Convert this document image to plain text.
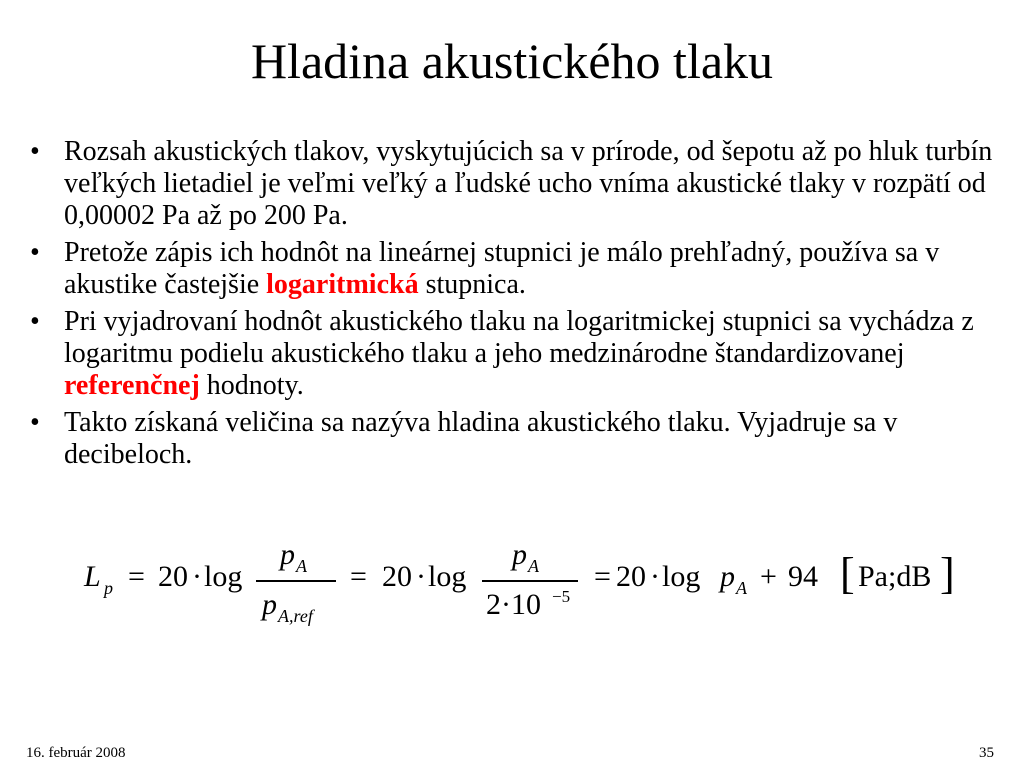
Hladina akustického tlaku
• Rozsah akustických tlakov, vyskytujúcich sa v prírode, od šepotu až po hluk turbín veľkých lietadiel je veľmi veľký a ľudské ucho vníma akustické tlaky v rozpätí od 0,00002 Pa až po 200 Pa.
• Pretože zápis ich hodnôt na lineárnej stupnici je málo prehľadný, používa sa v akustike častejšie logaritmická stupnica.
• Pri vyjadrovaní hodnôt akustického tlaku na logaritmickej stupnici sa vychádza z logaritmu podielu akustického tlaku a jeho medzinárodne štandardizovanej referenčnej hodnoty.
• Takto získaná veličina sa nazýva hladina akustického tlaku. Vyjadruje sa v decibeloch.
L $_p$ = 20 · log
p $_A$
p $_{A,ref}$
= 20 · log
p $_A$
2·10 $^{-5}$
= 20 · log p $_A$ + 94 [ Pa;dB ]
16. február 2008	35
